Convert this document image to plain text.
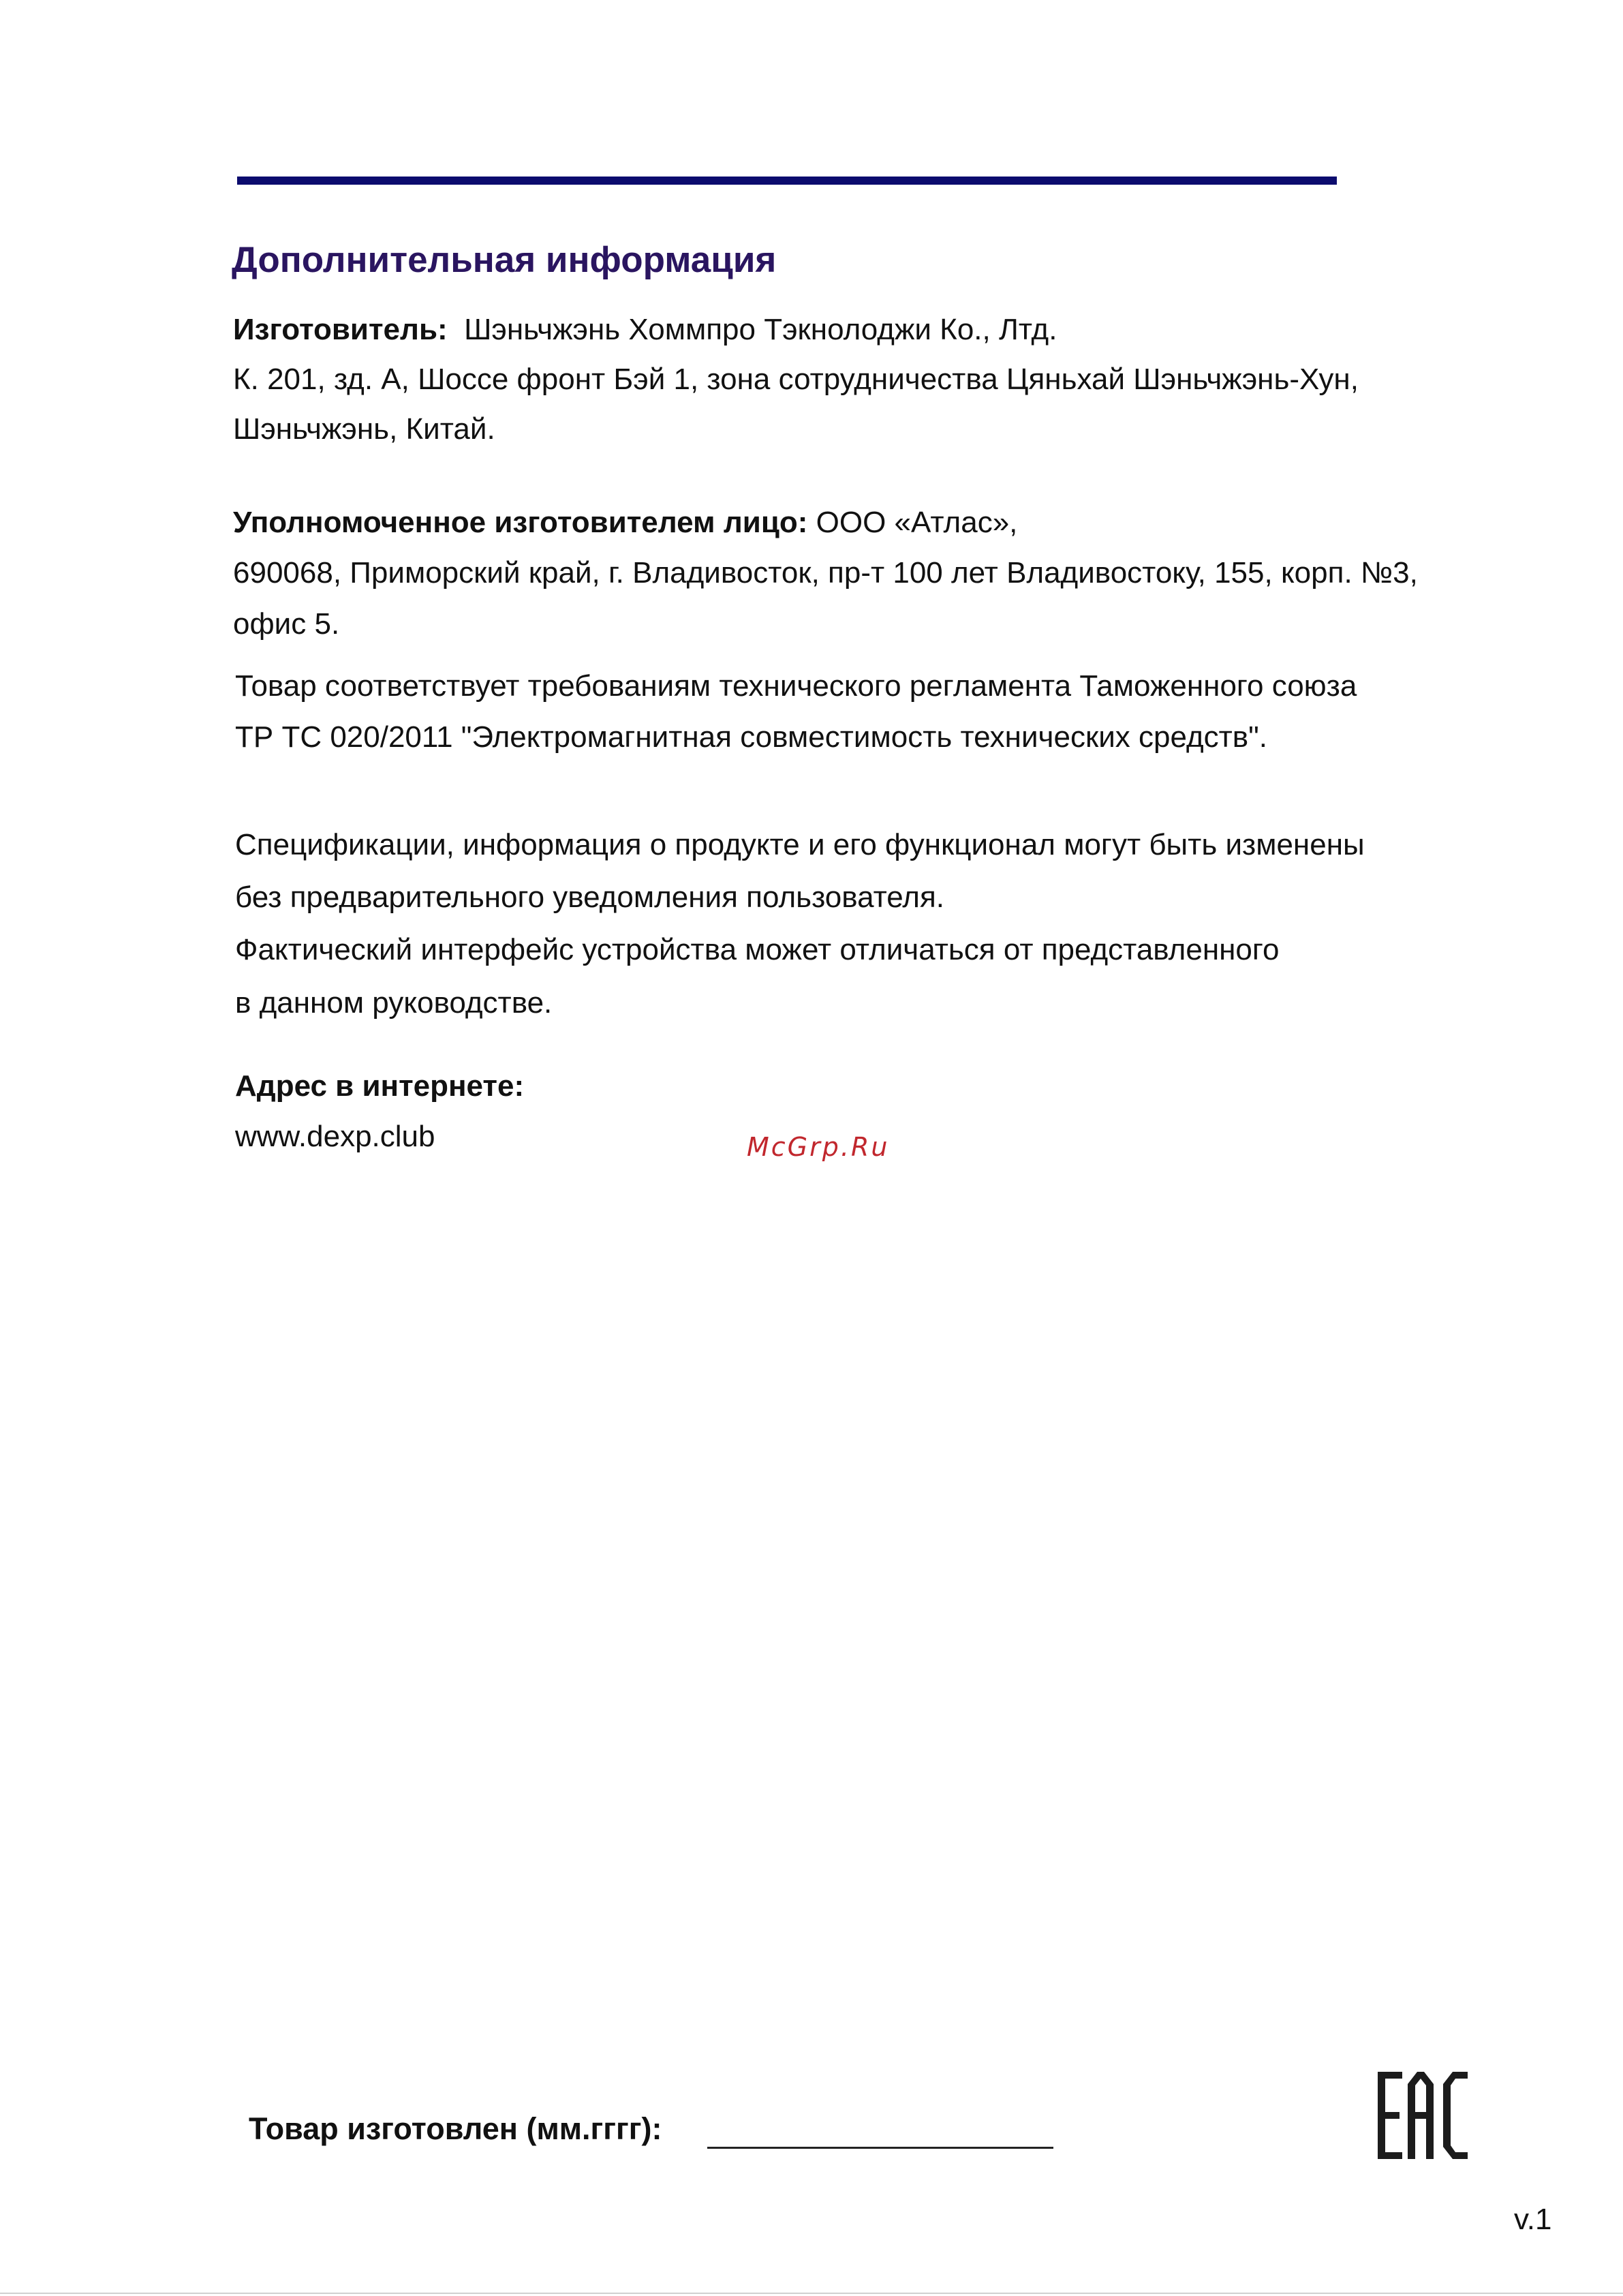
Дополнительная информация

Изготовитель: Шэньчжэнь Хоммпро Тэкнолоджи Ко., Лтд.

К. 201, зд. А, Шоссе фронт Бэй 1, зона сотрудничества Цяньхай Шэньчжэнь-Хун,

Шэньчжэнь, Китай.

Уполномоченное изготовителем лицо: ООО «Атлас»,

690068, Приморский край, г. Владивосток, пр-т 100 лет Владивостоку, 155, корп. №3,

офис 5.

Товар соответствует требованиям технического регламента Таможенного союза

ТР ТС 020/2011 "Электромагнитная совместимость технических средств".

Спецификации, информация о продукте и его функционал могут быть изменены

без предварительного уведомления пользователя.

Фактический интерфейс устройства может отличаться от представленного

в данном руководстве.

Адрес в интернете:

www.dexp.club	McGrp.Ru
Товар изготовлен (мм.гггг):
v.1
